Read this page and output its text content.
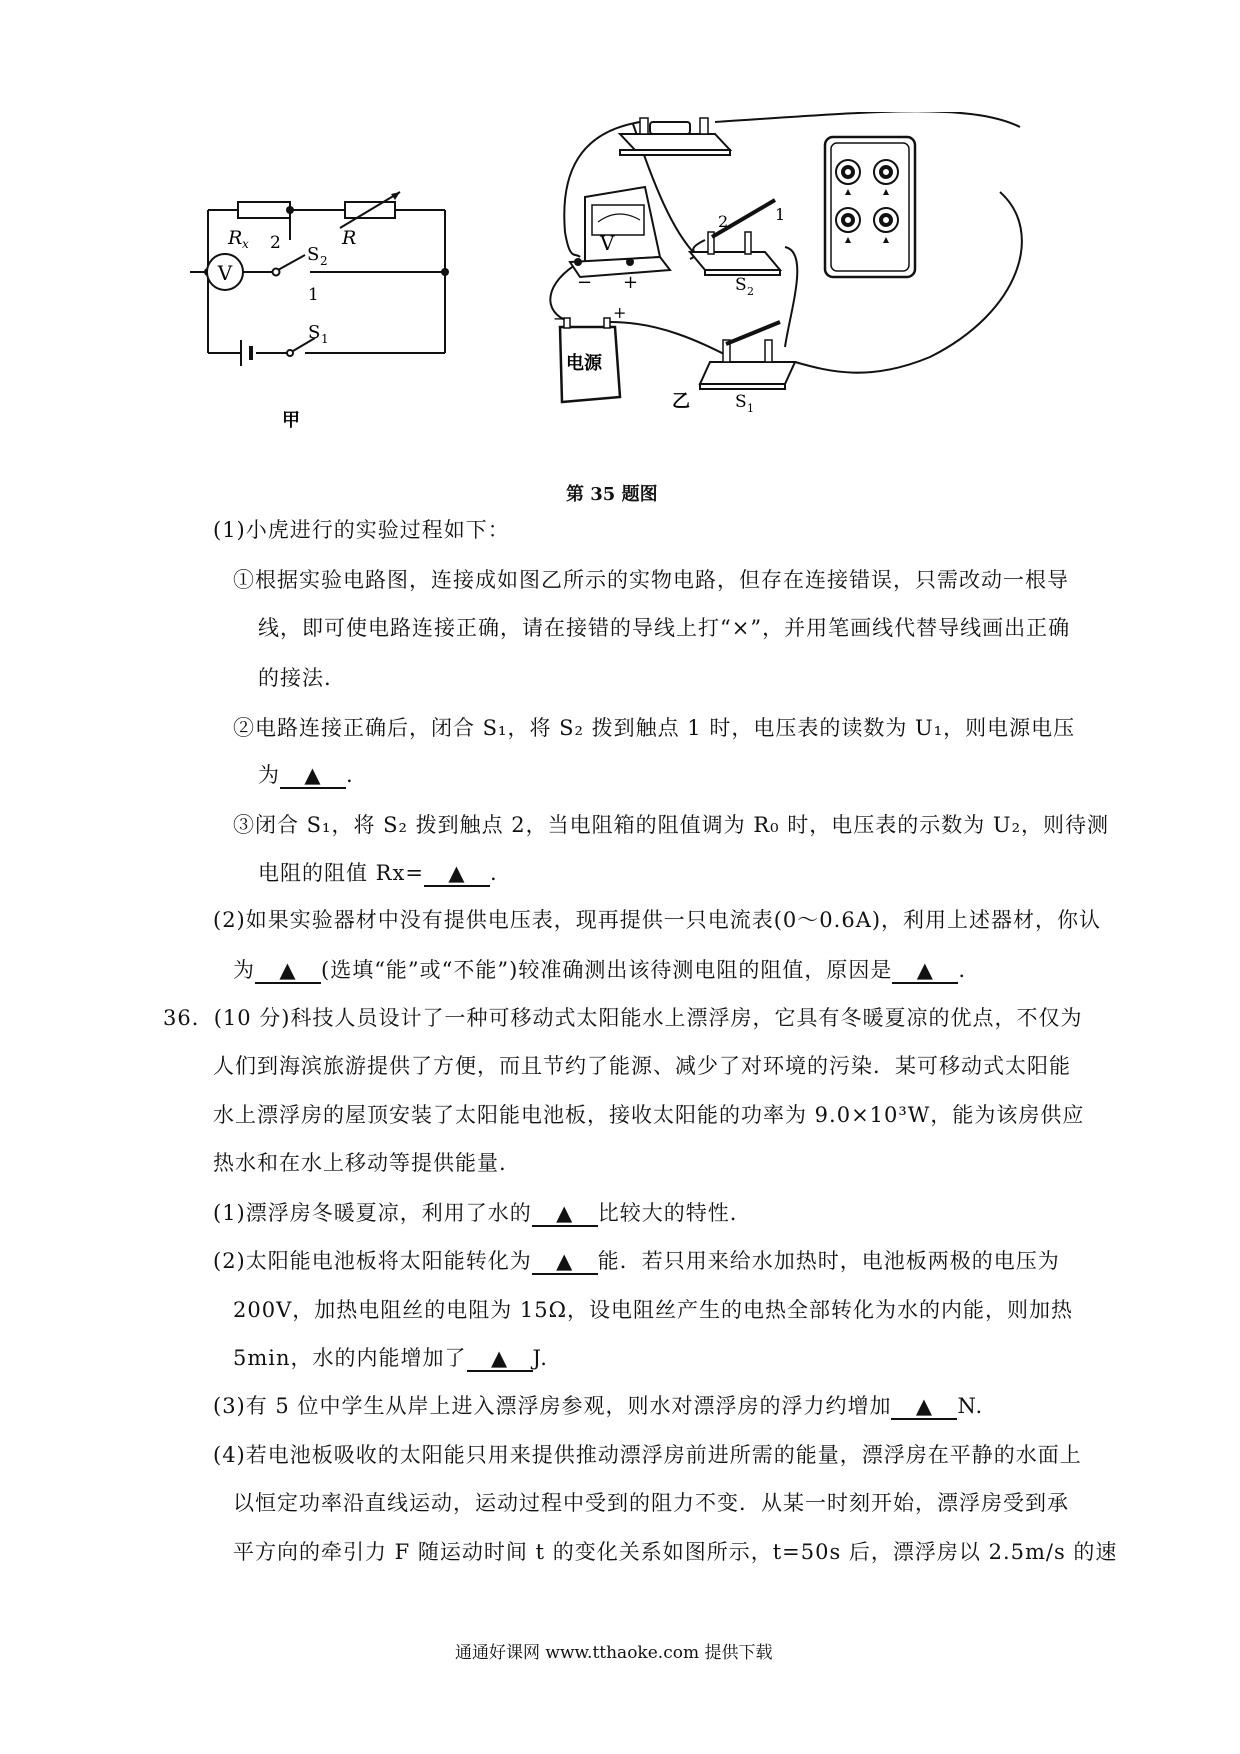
V
R x	R
2
S 2
1
S 1
甲
V
− +
2	1
S 2
电源
−	+
S 1
乙
第 35 题图
(1)小虎进行的实验过程如下：
①根据实验电路图，连接成如图乙所示的实物电路，但存在连接错误，只需改动一根导
线，即可使电路连接正确，请在接错的导线上打“×”，并用笔画线代替导线画出正确
的接法.
②电路连接正确后，闭合 S₁，将 S₂ 拨到触点 1 时，电压表的读数为 U₁，则电源电压
为 ▲ .
③闭合 S₁，将 S₂ 拨到触点 2，当电阻箱的阻值调为 R₀ 时，电压表的示数为 U₂，则待测
电阻的阻值 Rx= ▲ .
(2)如果实验器材中没有提供电压表，现再提供一只电流表(0～0.6A)，利用上述器材，你认
为 ▲ (选填“能”或“不能”)较准确测出该待测电阻的阻值，原因是 ▲ .
36．(10 分)科技人员设计了一种可移动式太阳能水上漂浮房，它具有冬暖夏凉的优点，不仅为
人们到海滨旅游提供了方便，而且节约了能源、减少了对环境的污染．某可移动式太阳能
水上漂浮房的屋顶安装了太阳能电池板，接收太阳能的功率为 9.0×10³W，能为该房供应
热水和在水上移动等提供能量.
(1)漂浮房冬暖夏凉，利用了水的 ▲ 比较大的特性.
(2)太阳能电池板将太阳能转化为 ▲ 能．若只用来给水加热时，电池板两极的电压为
200V，加热电阻丝的电阻为 15Ω，设电阻丝产生的电热全部转化为水的内能，则加热
5min，水的内能增加了 ▲ J.
(3)有 5 位中学生从岸上进入漂浮房参观，则水对漂浮房的浮力约增加 ▲ N.
(4)若电池板吸收的太阳能只用来提供推动漂浮房前进所需的能量，漂浮房在平静的水面上
以恒定功率沿直线运动，运动过程中受到的阻力不变．从某一时刻开始，漂浮房受到承
平方向的牵引力 F 随运动时间 t 的变化关系如图所示，t=50s 后，漂浮房以 2.5m/s 的速
通通好课网 www.tthaoke.com 提供下载
